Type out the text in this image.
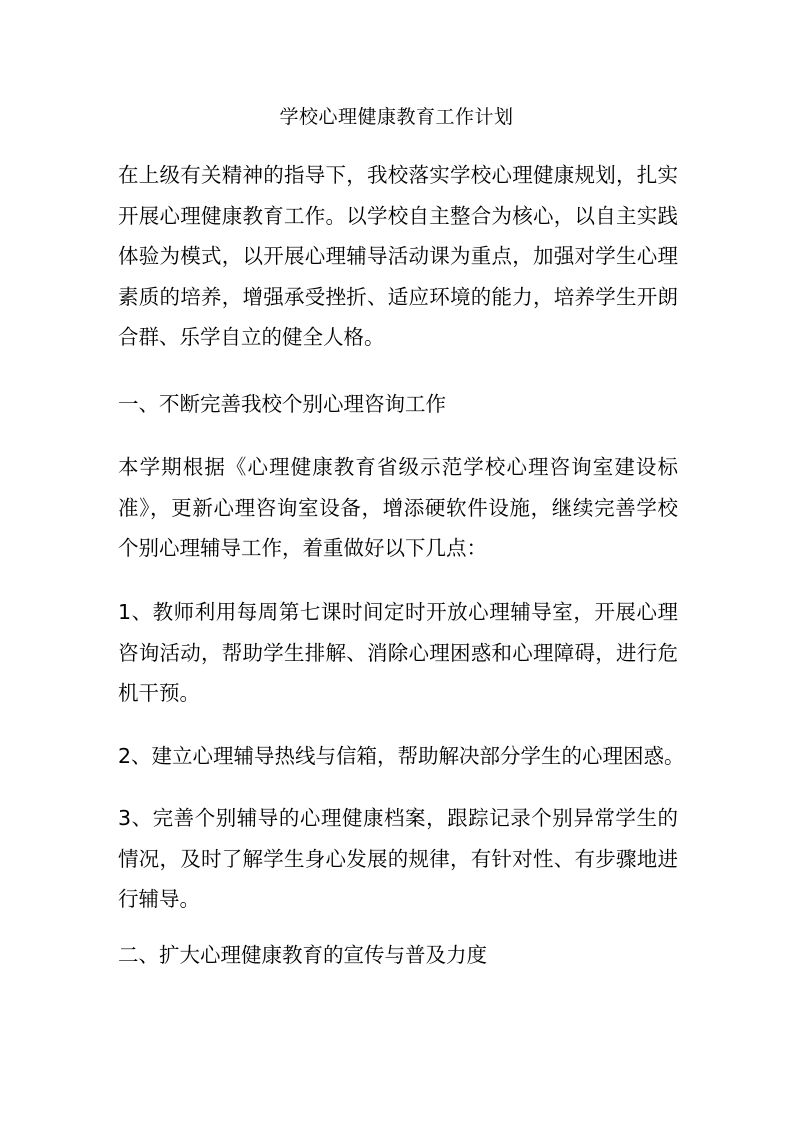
学校心理健康教育工作计划
在上级有关精神的指导下，我校落实学校心理健康规划，扎实
开展心理健康教育工作。以学校自主整合为核心，以自主实践
体验为模式，以开展心理辅导活动课为重点，加强对学生心理
素质的培养，增强承受挫折、适应环境的能力，培养学生开朗
合群、乐学自立的健全人格。
一、不断完善我校个别心理咨询工作
本学期根据《心理健康教育省级示范学校心理咨询室建设标
准》，更新心理咨询室设备，增添硬软件设施，继续完善学校
个别心理辅导工作，着重做好以下几点：
1、教师利用每周第七课时间定时开放心理辅导室，开展心理
咨询活动，帮助学生排解、消除心理困惑和心理障碍，进行危
机干预。
2、建立心理辅导热线与信箱，帮助解决部分学生的心理困惑。
3、完善个别辅导的心理健康档案，跟踪记录个别异常学生的
情况，及时了解学生身心发展的规律，有针对性、有步骤地进
行辅导。
二、扩大心理健康教育的宣传与普及力度
